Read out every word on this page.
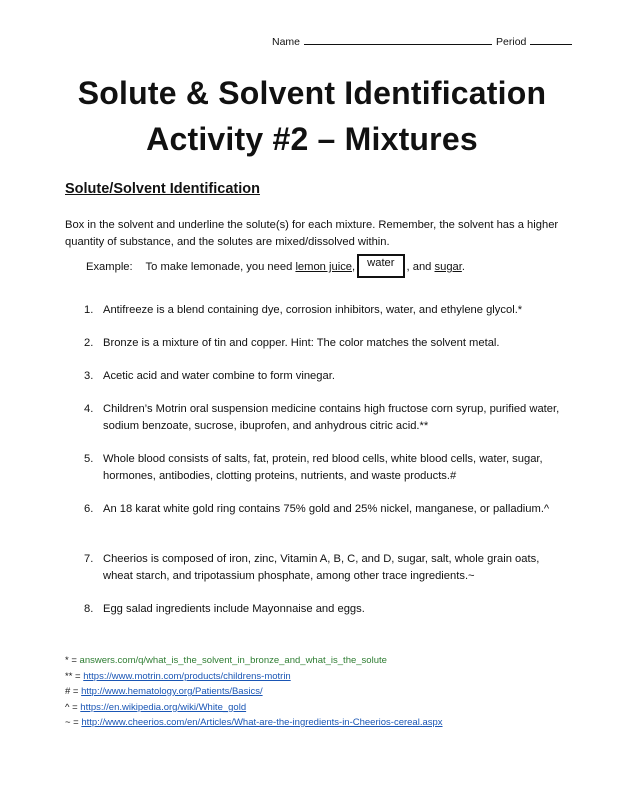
Name	Period
Solute & Solvent Identification
Activity #2 – Mixtures
Solute/Solvent Identification
Box in the solvent and underline the solute(s) for each mixture. Remember, the solvent has a higher quantity of substance, and the solutes are mixed/dissolved within.
Example: To make lemonade, you need lemon juice, water , and sugar.
1. Antifreeze is a blend containing dye, corrosion inhibitors, water, and ethylene glycol.*
2. Bronze is a mixture of tin and copper. Hint: The color matches the solvent metal.
3. Acetic acid and water combine to form vinegar.
4. Children’s Motrin oral suspension medicine contains high fructose corn syrup, purified water, sodium benzoate, sucrose, ibuprofen, and anhydrous citric acid.**
5. Whole blood consists of salts, fat, protein, red blood cells, white blood cells, water, sugar, hormones, antibodies, clotting proteins, nutrients, and waste products.#
6. An 18 karat white gold ring contains 75% gold and 25% nickel, manganese, or palladium.^
7. Cheerios is composed of iron, zinc, Vitamin A, B, C, and D, sugar, salt, whole grain oats, wheat starch, and tripotassium phosphate, among other trace ingredients.~
8. Egg salad ingredients include Mayonnaise and eggs.
* = answers.com/q/what_is_the_solvent_in_bronze_and_what_is_the_solute
** = https://www.motrin.com/products/childrens-motrin
# = http://www.hematology.org/Patients/Basics/
^ = https://en.wikipedia.org/wiki/White_gold
~ = http://www.cheerios.com/en/Articles/What-are-the-ingredients-in-Cheerios-cereal.aspx
